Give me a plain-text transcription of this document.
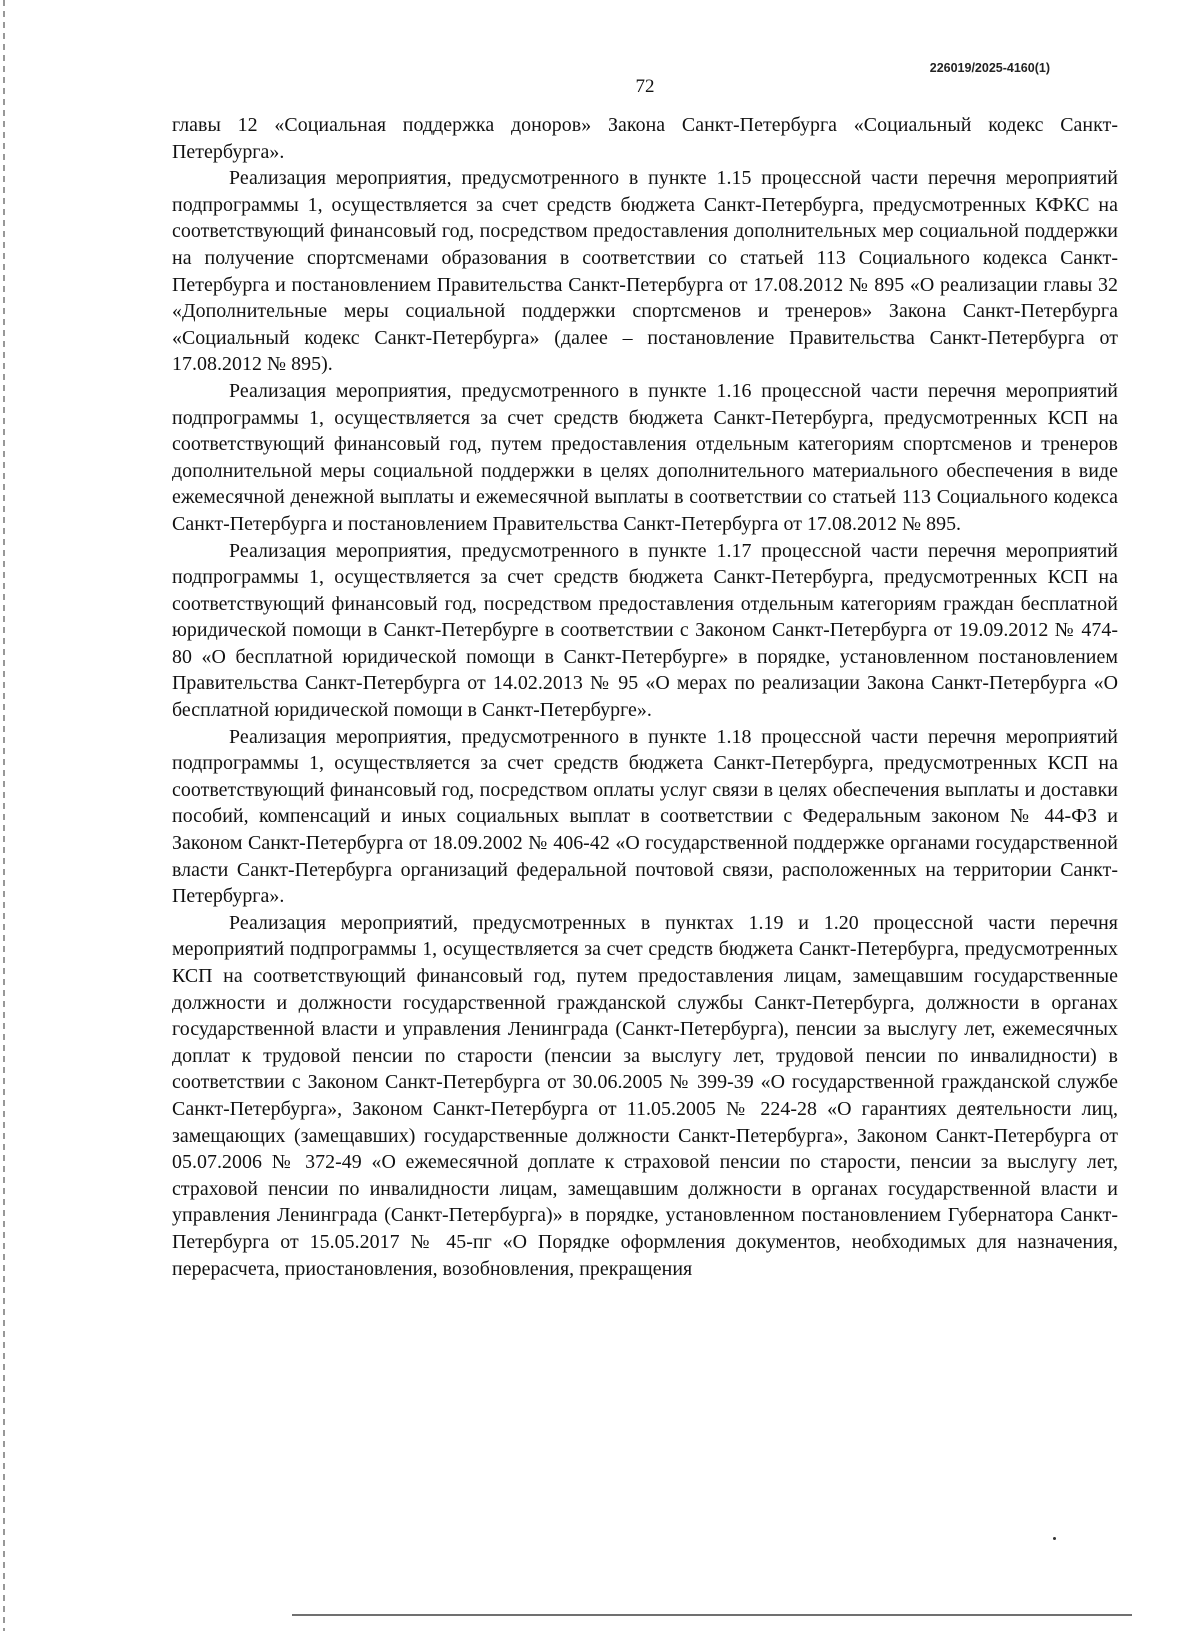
226019/2025-4160(1)
72

главы 12 «Социальная поддержка доноров» Закона Санкт-Петербурга «Социальный кодекс Санкт-Петербурга».

Реализация мероприятия, предусмотренного в пункте 1.15 процессной части перечня мероприятий подпрограммы 1, осуществляется за счет средств бюджета Санкт-Петербурга, предусмотренных КФКС на соответствующий финансовый год, посредством предоставления дополнительных мер социальной поддержки на получение спортсменами образования в соответствии со статьей 113 Социального кодекса Санкт-Петербурга и постановлением Правительства Санкт-Петербурга от 17.08.2012 № 895 «О реализации главы 32 «Дополнительные меры социальной поддержки спортсменов и тренеров» Закона Санкт-Петербурга «Социальный кодекс Санкт-Петербурга» (далее – постановление Правительства Санкт-Петербурга от 17.08.2012 № 895).

Реализация мероприятия, предусмотренного в пункте 1.16 процессной части перечня мероприятий подпрограммы 1, осуществляется за счет средств бюджета Санкт-Петербурга, предусмотренных КСП на соответствующий финансовый год, путем предоставления отдельным категориям спортсменов и тренеров дополнительной меры социальной поддержки в целях дополнительного материального обеспечения в виде ежемесячной денежной выплаты и ежемесячной выплаты в соответствии со статьей 113 Социального кодекса Санкт-Петербурга и постановлением Правительства Санкт-Петербурга от 17.08.2012 № 895.

Реализация мероприятия, предусмотренного в пункте 1.17 процессной части перечня мероприятий подпрограммы 1, осуществляется за счет средств бюджета Санкт-Петербурга, предусмотренных КСП на соответствующий финансовый год, посредством предоставления отдельным категориям граждан бесплатной юридической помощи в Санкт-Петербурге в соответствии с Законом Санкт-Петербурга от 19.09.2012 № 474-80 «О бесплатной юридической помощи в Санкт-Петербурге» в порядке, установленном постановлением Правительства Санкт-Петербурга от 14.02.2013 № 95 «О мерах по реализации Закона Санкт-Петербурга «О бесплатной юридической помощи в Санкт-Петербурге».

Реализация мероприятия, предусмотренного в пункте 1.18 процессной части перечня мероприятий подпрограммы 1, осуществляется за счет средств бюджета Санкт-Петербурга, предусмотренных КСП на соответствующий финансовый год, посредством оплаты услуг связи в целях обеспечения выплаты и доставки пособий, компенсаций и иных социальных выплат в соответствии с Федеральным законом № 44-ФЗ и Законом Санкт-Петербурга от 18.09.2002 № 406-42 «О государственной поддержке органами государственной власти Санкт-Петербурга организаций федеральной почтовой связи, расположенных на территории Санкт-Петербурга».

Реализация мероприятий, предусмотренных в пунктах 1.19 и 1.20 процессной части перечня мероприятий подпрограммы 1, осуществляется за счет средств бюджета Санкт-Петербурга, предусмотренных КСП на соответствующий финансовый год, путем предоставления лицам, замещавшим государственные должности и должности государственной гражданской службы Санкт-Петербурга, должности в органах государственной власти и управления Ленинграда (Санкт-Петербурга), пенсии за выслугу лет, ежемесячных доплат к трудовой пенсии по старости (пенсии за выслугу лет, трудовой пенсии по инвалидности) в соответствии с Законом Санкт-Петербурга от 30.06.2005 № 399-39 «О государственной гражданской службе Санкт-Петербурга», Законом Санкт-Петербурга от 11.05.2005 № 224-28 «О гарантиях деятельности лиц, замещающих (замещавших) государственные должности Санкт-Петербурга», Законом Санкт-Петербурга от 05.07.2006 № 372-49 «О ежемесячной доплате к страховой пенсии по старости, пенсии за выслугу лет, страховой пенсии по инвалидности лицам, замещавшим должности в органах государственной власти и управления Ленинграда (Санкт-Петербурга)» в порядке, установленном постановлением Губернатора Санкт-Петербурга от 15.05.2017 № 45-пг «О Порядке оформления документов, необходимых для назначения, перерасчета, приостановления, возобновления, прекращения
